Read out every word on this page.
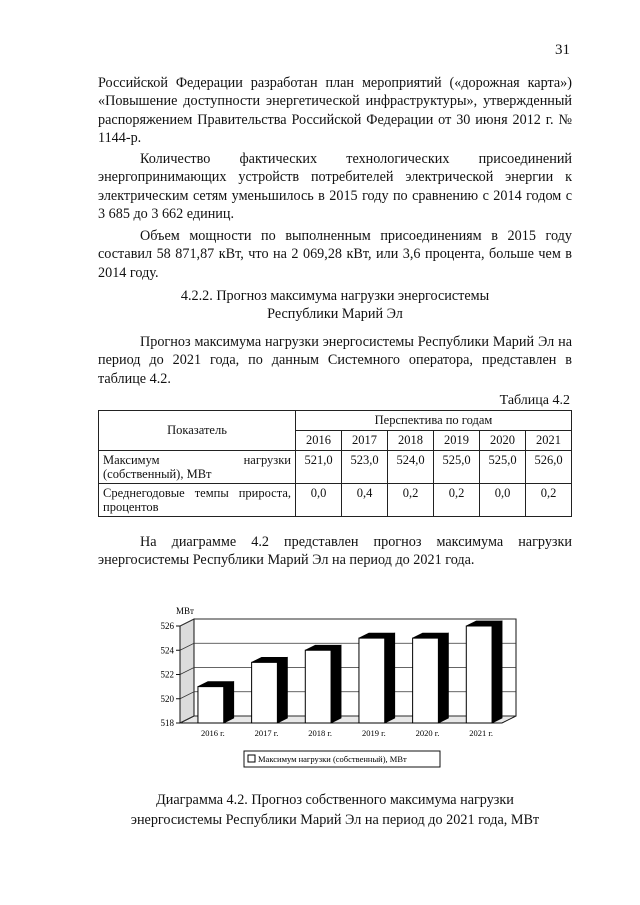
31
Российской Федерации разработан план мероприятий («дорожная карта») «Повышение доступности энергетической инфраструктуры», утвержденный распоряжением Правительства Российской Федерации от 30 июня 2012 г. № 1144-р.
Количество фактических технологических присоединений энергопринимающих устройств потребителей электрической энергии к электрическим сетям уменьшилось в 2015 году по сравнению с 2014 годом с 3 685 до 3 662 единиц.
Объем мощности по выполненным присоединениям в 2015 году составил 58 871,87 кВт, что на 2 069,28 кВт, или 3,6 процента, больше чем в 2014 году.
4.2.2. Прогноз максимума нагрузки энергосистемы
Республики Марий Эл
Прогноз максимума нагрузки энергосистемы Республики Марий Эл на период до 2021 года, по данным Системного оператора, представлен в таблице 4.2.
Таблица 4.2
Показатель	Перспектива по годам					
	2016	2017	2018	2019	2020	2021
Максимум нагрузки (собственный), МВт	521,0	523,0	524,0	525,0	525,0	526,0
Среднегодовые темпы прироста, процентов	0,0	0,4	0,2	0,2	0,0	0,2
На диаграмме 4.2 представлен прогноз максимума нагрузки энергосистемы Республики Марий Эл на период до 2021 года.
518
520
522
524
526
МВт
2016 г.	2017 г.	2018 г.	2019 г.	2020 г.	2021 г.
Максимум нагрузки (собственный), МВт
Диаграмма 4.2. Прогноз собственного максимума нагрузки
энергосистемы Республики Марий Эл на период до 2021 года, МВт
